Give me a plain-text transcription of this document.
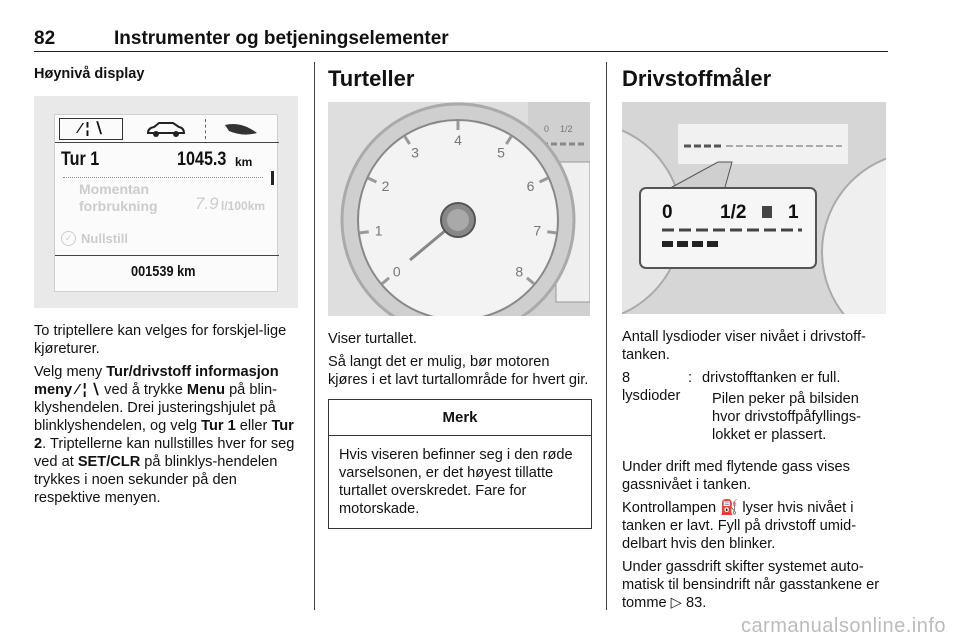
82	Instrumenter og betjeningselementer
Høynivå display
⁄ ¦ ∖
Tur 1	1045.3 km
Momentan
forbrukning 7.9 l/100km
✓ Nullstill
001539 km

To triptellere kan velges for forskjel-lige kjøreturer.

Velg meny Tur/drivstoff informasjon meny ⁄ ¦ ∖ ved å trykke Menu på blin-klyshendelen. Drei justeringshjulet på blinklyshendelen, og velg Tur 1 eller Tur 2. Triptellerne kan nullstilles hver for seg ved at SET/CLR på blinklys-hendelen trykkes i noen sekunder på den respektive menyen.

Turteller
0 1/2
0
1
2
3
4
5
6
7
8

Viser turtallet.

Så langt det er mulig, bør motoren kjøres i et lavt turtallområde for hvert gir.

Merk
Hvis viseren befinner seg i den røde varselsonen, er det høyest tillatte turtallet overskredet. Fare for motorskade.
Drivstoffmåler
0 1/2 1

Antall lysdioder viser nivået i drivstoff-tanken.

8 lysdioder
: drivstofftanken er full.
Pilen peker på bilsiden hvor drivstoffpåfyllings-lokket er plassert.

Under drift med flytende gass vises gassnivået i tanken.

Kontrollampen ⛽ lyser hvis nivået i tanken er lavt. Fyll på drivstoff umid-delbart hvis den blinker.

Under gassdrift skifter systemet auto-matisk til bensindrift når gasstankene er tomme ▷ 83.

carmanualsonline.info
